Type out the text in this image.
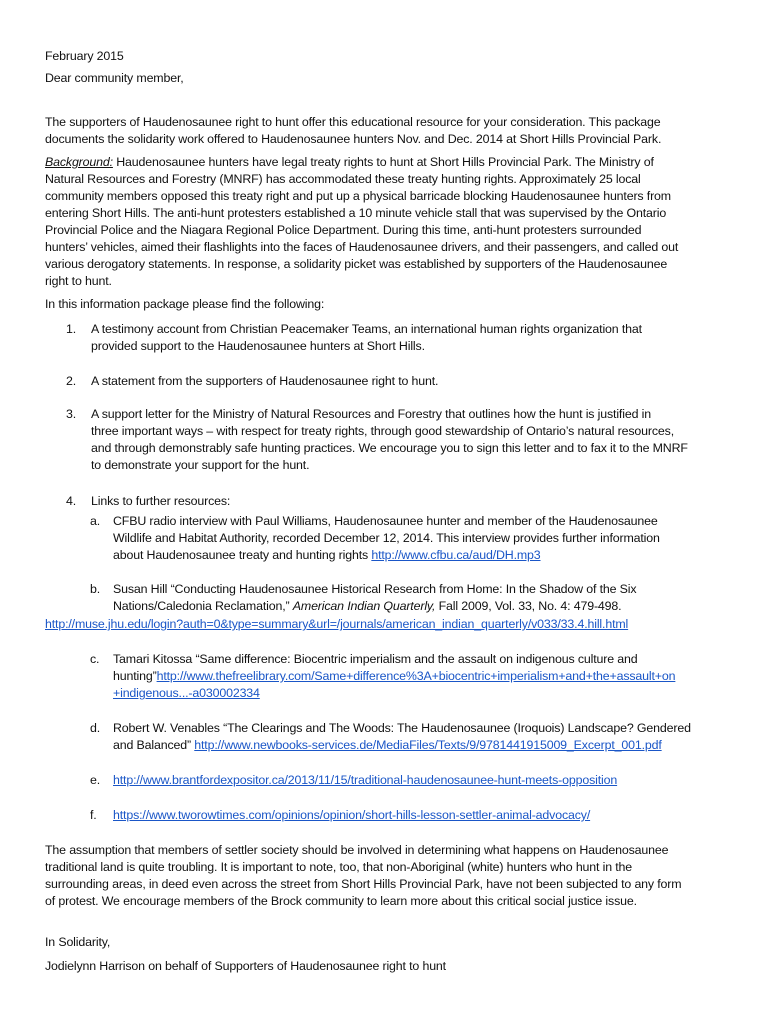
February 2015
Dear community member,
The supporters of Haudenosaunee right to hunt offer this educational resource for your consideration. This package
documents the solidarity work offered to Haudenosaunee hunters Nov. and Dec. 2014 at Short Hills Provincial Park.
Background: Haudenosaunee hunters have legal treaty rights to hunt at Short Hills Provincial Park. The Ministry of
Natural Resources and Forestry (MNRF) has accommodated these treaty hunting rights. Approximately 25 local
community members opposed this treaty right and put up a physical barricade blocking Haudenosaunee hunters from
entering Short Hills. The anti-hunt protesters established a 10 minute vehicle stall that was supervised by the Ontario
Provincial Police and the Niagara Regional Police Department. During this time, anti-hunt protesters surrounded
hunters’ vehicles, aimed their flashlights into the faces of Haudenosaunee drivers, and their passengers, and called out
various derogatory statements. In response, a solidarity picket was established by supporters of the Haudenosaunee
right to hunt.
In this information package please find the following:
1. A testimony account from Christian Peacemaker Teams, an international human rights organization that
provided support to the Haudenosaunee hunters at Short Hills.
2. A statement from the supporters of Haudenosaunee right to hunt.
3. A support letter for the Ministry of Natural Resources and Forestry that outlines how the hunt is justified in
three important ways – with respect for treaty rights, through good stewardship of Ontario’s natural resources,
and through demonstrably safe hunting practices. We encourage you to sign this letter and to fax it to the MNRF
to demonstrate your support for the hunt.
4. Links to further resources:
a. CFBU radio interview with Paul Williams, Haudenosaunee hunter and member of the Haudenosaunee
Wildlife and Habitat Authority, recorded December 12, 2014. This interview provides further information
about Haudenosaunee treaty and hunting rights http://www.cfbu.ca/aud/DH.mp3
b. Susan Hill “Conducting Haudenosaunee Historical Research from Home: In the Shadow of the Six
Nations/Caledonia Reclamation,” American Indian Quarterly, Fall 2009, Vol. 33, No. 4: 479-498.
http://muse.jhu.edu/login?auth=0&type=summary&url=/journals/american_indian_quarterly/v033/33.4.hill.html
c. Tamari Kitossa “Same difference: Biocentric imperialism and the assault on indigenous culture and
hunting”http://www.thefreelibrary.com/Same+difference%3A+biocentric+imperialism+and+the+assault+on
+indigenous...-a030002334
d. Robert W. Venables “The Clearings and The Woods: The Haudenosaunee (Iroquois) Landscape? Gendered
and Balanced” http://www.newbooks-services.de/MediaFiles/Texts/9/9781441915009_Excerpt_001.pdf
e. http://www.brantfordexpositor.ca/2013/11/15/traditional-haudenosaunee-hunt-meets-opposition
f. https://www.tworowtimes.com/opinions/opinion/short-hills-lesson-settler-animal-advocacy/
The assumption that members of settler society should be involved in determining what happens on Haudenosaunee
traditional land is quite troubling. It is important to note, too, that non-Aboriginal (white) hunters who hunt in the
surrounding areas, in deed even across the street from Short Hills Provincial Park, have not been subjected to any form
of protest. We encourage members of the Brock community to learn more about this critical social justice issue.
In Solidarity,
Jodielynn Harrison on behalf of Supporters of Haudenosaunee right to hunt
